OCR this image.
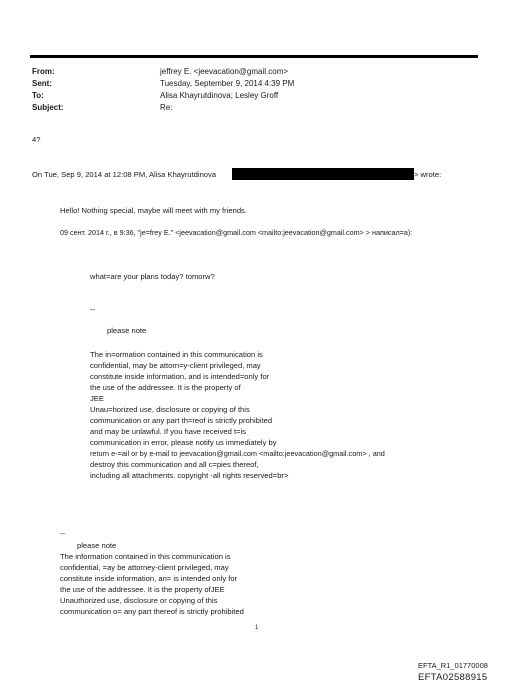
From:	jeffrey E. <jeevacation@gmail.com>
Sent:	Tuesday, September 9, 2014 4:39 PM
To:	Alisa Khayrutdinova; Lesley Groff
Subject:	Re:
4?
On Tue, Sep 9, 2014 at 12:08 PM, Alisa Khayrutdinova	> wrote:
Hello! Nothing special, maybe will meet with my friends.
09 сент. 2014 г., в 9:36, "je=frey E." <jeevacation@gmail.com <mailto:jeevacation@gmail.com> > написал=а):
what=are your plans today? tomorw?
--
please note
The in=ormation contained in this communication is
confidential, may be attorn=y-client privileged, may
constitute inside information, and is intended=only for
the use of the addressee. It is the property of
JEE
Unau=horized use, disclosure or copying of this
communication or any part th=reof is strictly prohibited
and may be unlawful. If you have received t=is
communication in error, please notify us immediately by
return e-=ail or by e-mail to jeevacation@gmail.com <mailto:jeevacation@gmail.com> , and
destroy this communication and all c=pies thereof,
including all attachments. copyright -all rights reserved=br>
--
please note
The information contained in this communication is
confidential, =ay be attorney-client privileged, may
constitute inside information, an= is intended only for
the use of the addressee. It is the property ofJEE
Unauthorized use, disclosure or copying of this
communication o= any part thereof is strictly prohibited
1
EFTA_R1_01770008
EFTA02588915
